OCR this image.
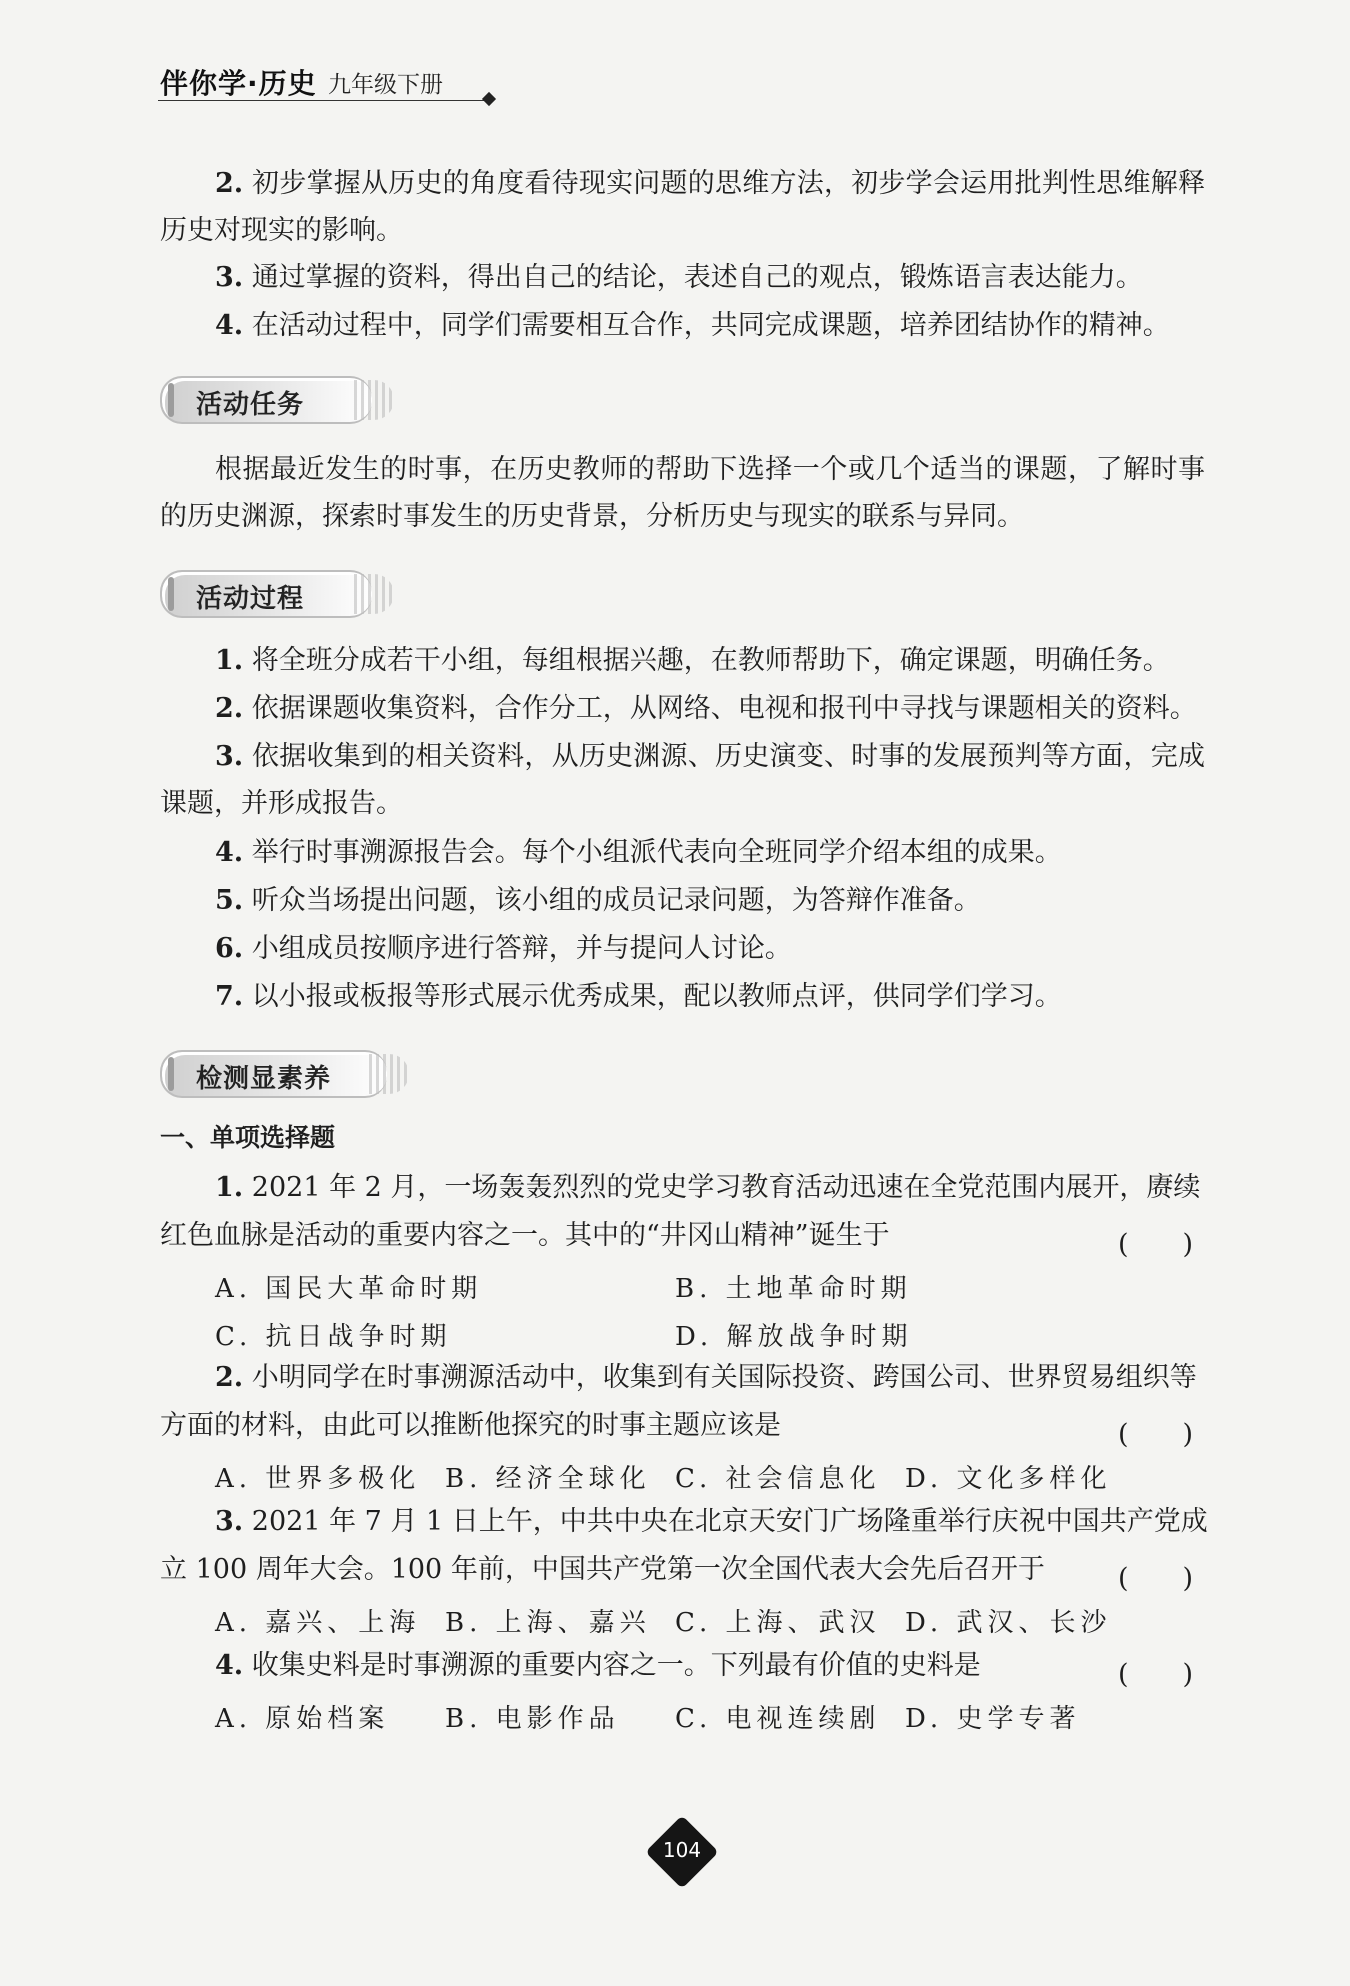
伴你学·历史 九年级下册

2. 初步掌握从历史的角度看待现实问题的思维方法，初步学会运用批判性思维解释历史对现实的影响。

3. 通过掌握的资料，得出自己的结论，表述自己的观点，锻炼语言表达能力。

4. 在活动过程中，同学们需要相互合作，共同完成课题，培养团结协作的精神。

活动任务

根据最近发生的时事，在历史教师的帮助下选择一个或几个适当的课题，了解时事的历史渊源，探索时事发生的历史背景，分析历史与现实的联系与异同。

活动过程

1. 将全班分成若干小组，每组根据兴趣，在教师帮助下，确定课题，明确任务。

2. 依据课题收集资料，合作分工，从网络、电视和报刊中寻找与课题相关的资料。

3. 依据收集到的相关资料，从历史渊源、历史演变、时事的发展预判等方面，完成课题，并形成报告。

4. 举行时事溯源报告会。每个小组派代表向全班同学介绍本组的成果。

5. 听众当场提出问题，该小组的成员记录问题，为答辩作准备。

6. 小组成员按顺序进行答辩，并与提问人讨论。

7. 以小报或板报等形式展示优秀成果，配以教师点评，供同学们学习。

检测显素养
一、单项选择题
1. 2021 年 2 月，一场轰轰烈烈的党史学习教育活动迅速在全党范围内展开，赓续
红色血脉是活动的重要内容之一。其中的“井冈山精神”诞生于	(　　)
A. 国民大革命时期	B. 土地革命时期
C. 抗日战争时期	D. 解放战争时期
2. 小明同学在时事溯源活动中，收集到有关国际投资、跨国公司、世界贸易组织等
方面的材料，由此可以推断他探究的时事主题应该是	(　　)
A. 世界多极化 B. 经济全球化 C. 社会信息化 D. 文化多样化
3. 2021 年 7 月 1 日上午，中共中央在北京天安门广场隆重举行庆祝中国共产党成
立 100 周年大会。100 年前，中国共产党第一次全国代表大会先后召开于	(　　)
A. 嘉兴、上海 B. 上海、嘉兴 C. 上海、武汉 D. 武汉、长沙
4. 收集史料是时事溯源的重要内容之一。下列最有价值的史料是	(　　)
A. 原始档案 B. 电影作品 C. 电视连续剧 D. 史学专著
104
